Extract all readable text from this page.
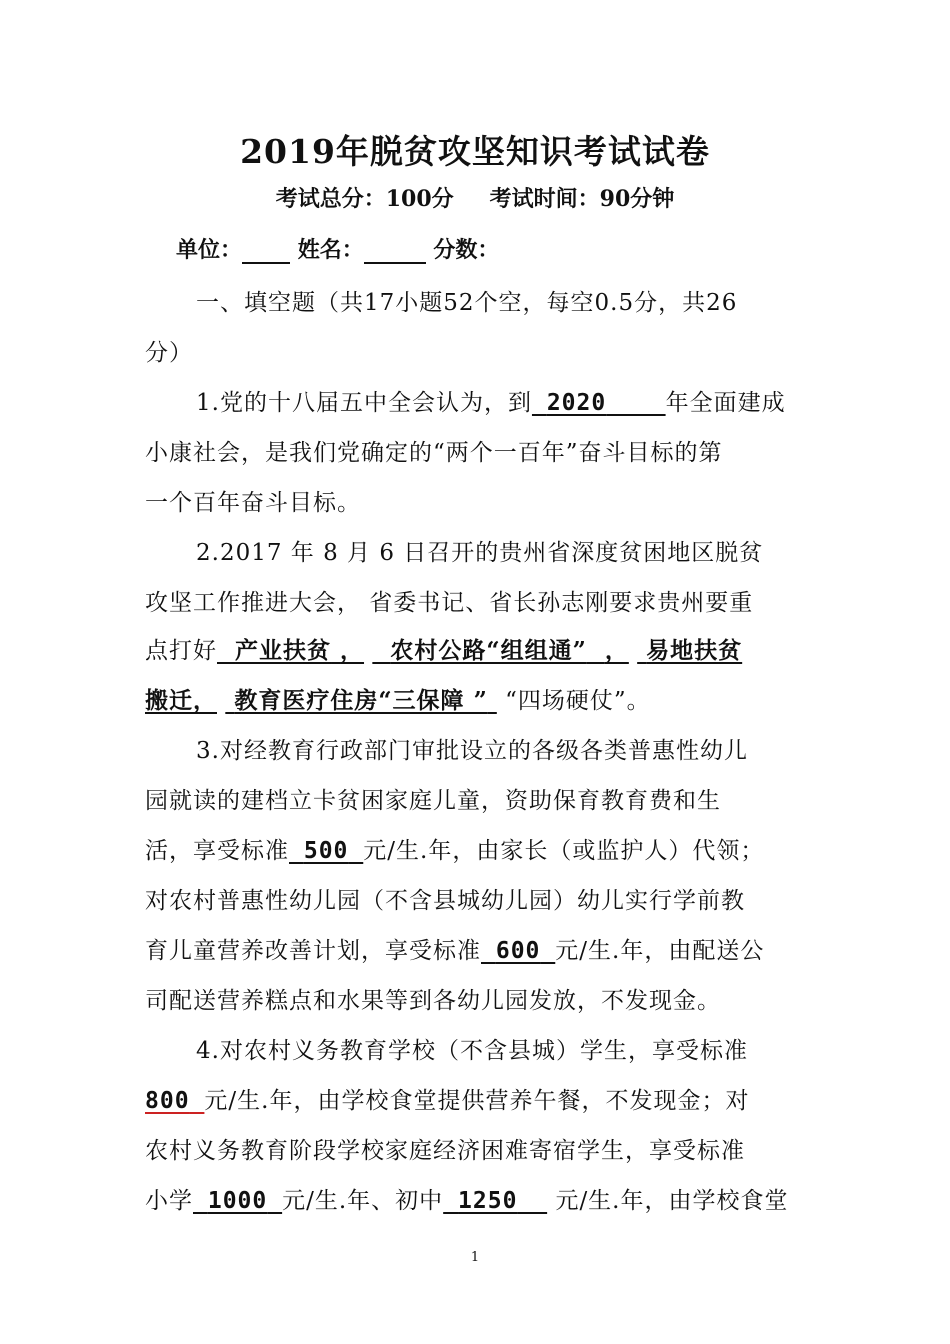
2019年脱贫攻坚知识考试试卷
考试总分：100分 考试时间：90分钟
单位：	姓名：	分数：
一、填空题（共17小题52个空，每空0.5分，共26
分）
1.党的十八届五中全会认为，到 2020	年全面建成
小康社会，是我们党确定的“两个一百年”奋斗目标的第
一个百年奋斗目标。
2.2017 年 8 月 6 日召开的贵州省深度贫困地区脱贫
攻坚工作推进大会， 省委书记、省长孙志刚要求贵州要重
点打好 产业扶贫 ， 农村公路“组组通” ， 易地扶贫
搬迁， 教育医疗住房“三保障 ” “四场硬仗”。
3.对经教育行政部门审批设立的各级各类普惠性幼儿
园就读的建档立卡贫困家庭儿童，资助保育教育费和生
活，享受标准 500 元/生.年，由家长（或监护人）代领；
对农村普惠性幼儿园（不含县城幼儿园）幼儿实行学前教
育儿童营养改善计划，享受标准 600 元/生.年，由配送公
司配送营养糕点和水果等到各幼儿园发放，不发现金。
4.对农村义务教育学校（不含县城）学生，享受标准
800 元/生.年，由学校食堂提供营养午餐，不发现金；对
农村义务教育阶段学校家庭经济困难寄宿学生，享受标准
小学 1000 元/生.年、初中 1250 元/生.年，由学校食堂
1
